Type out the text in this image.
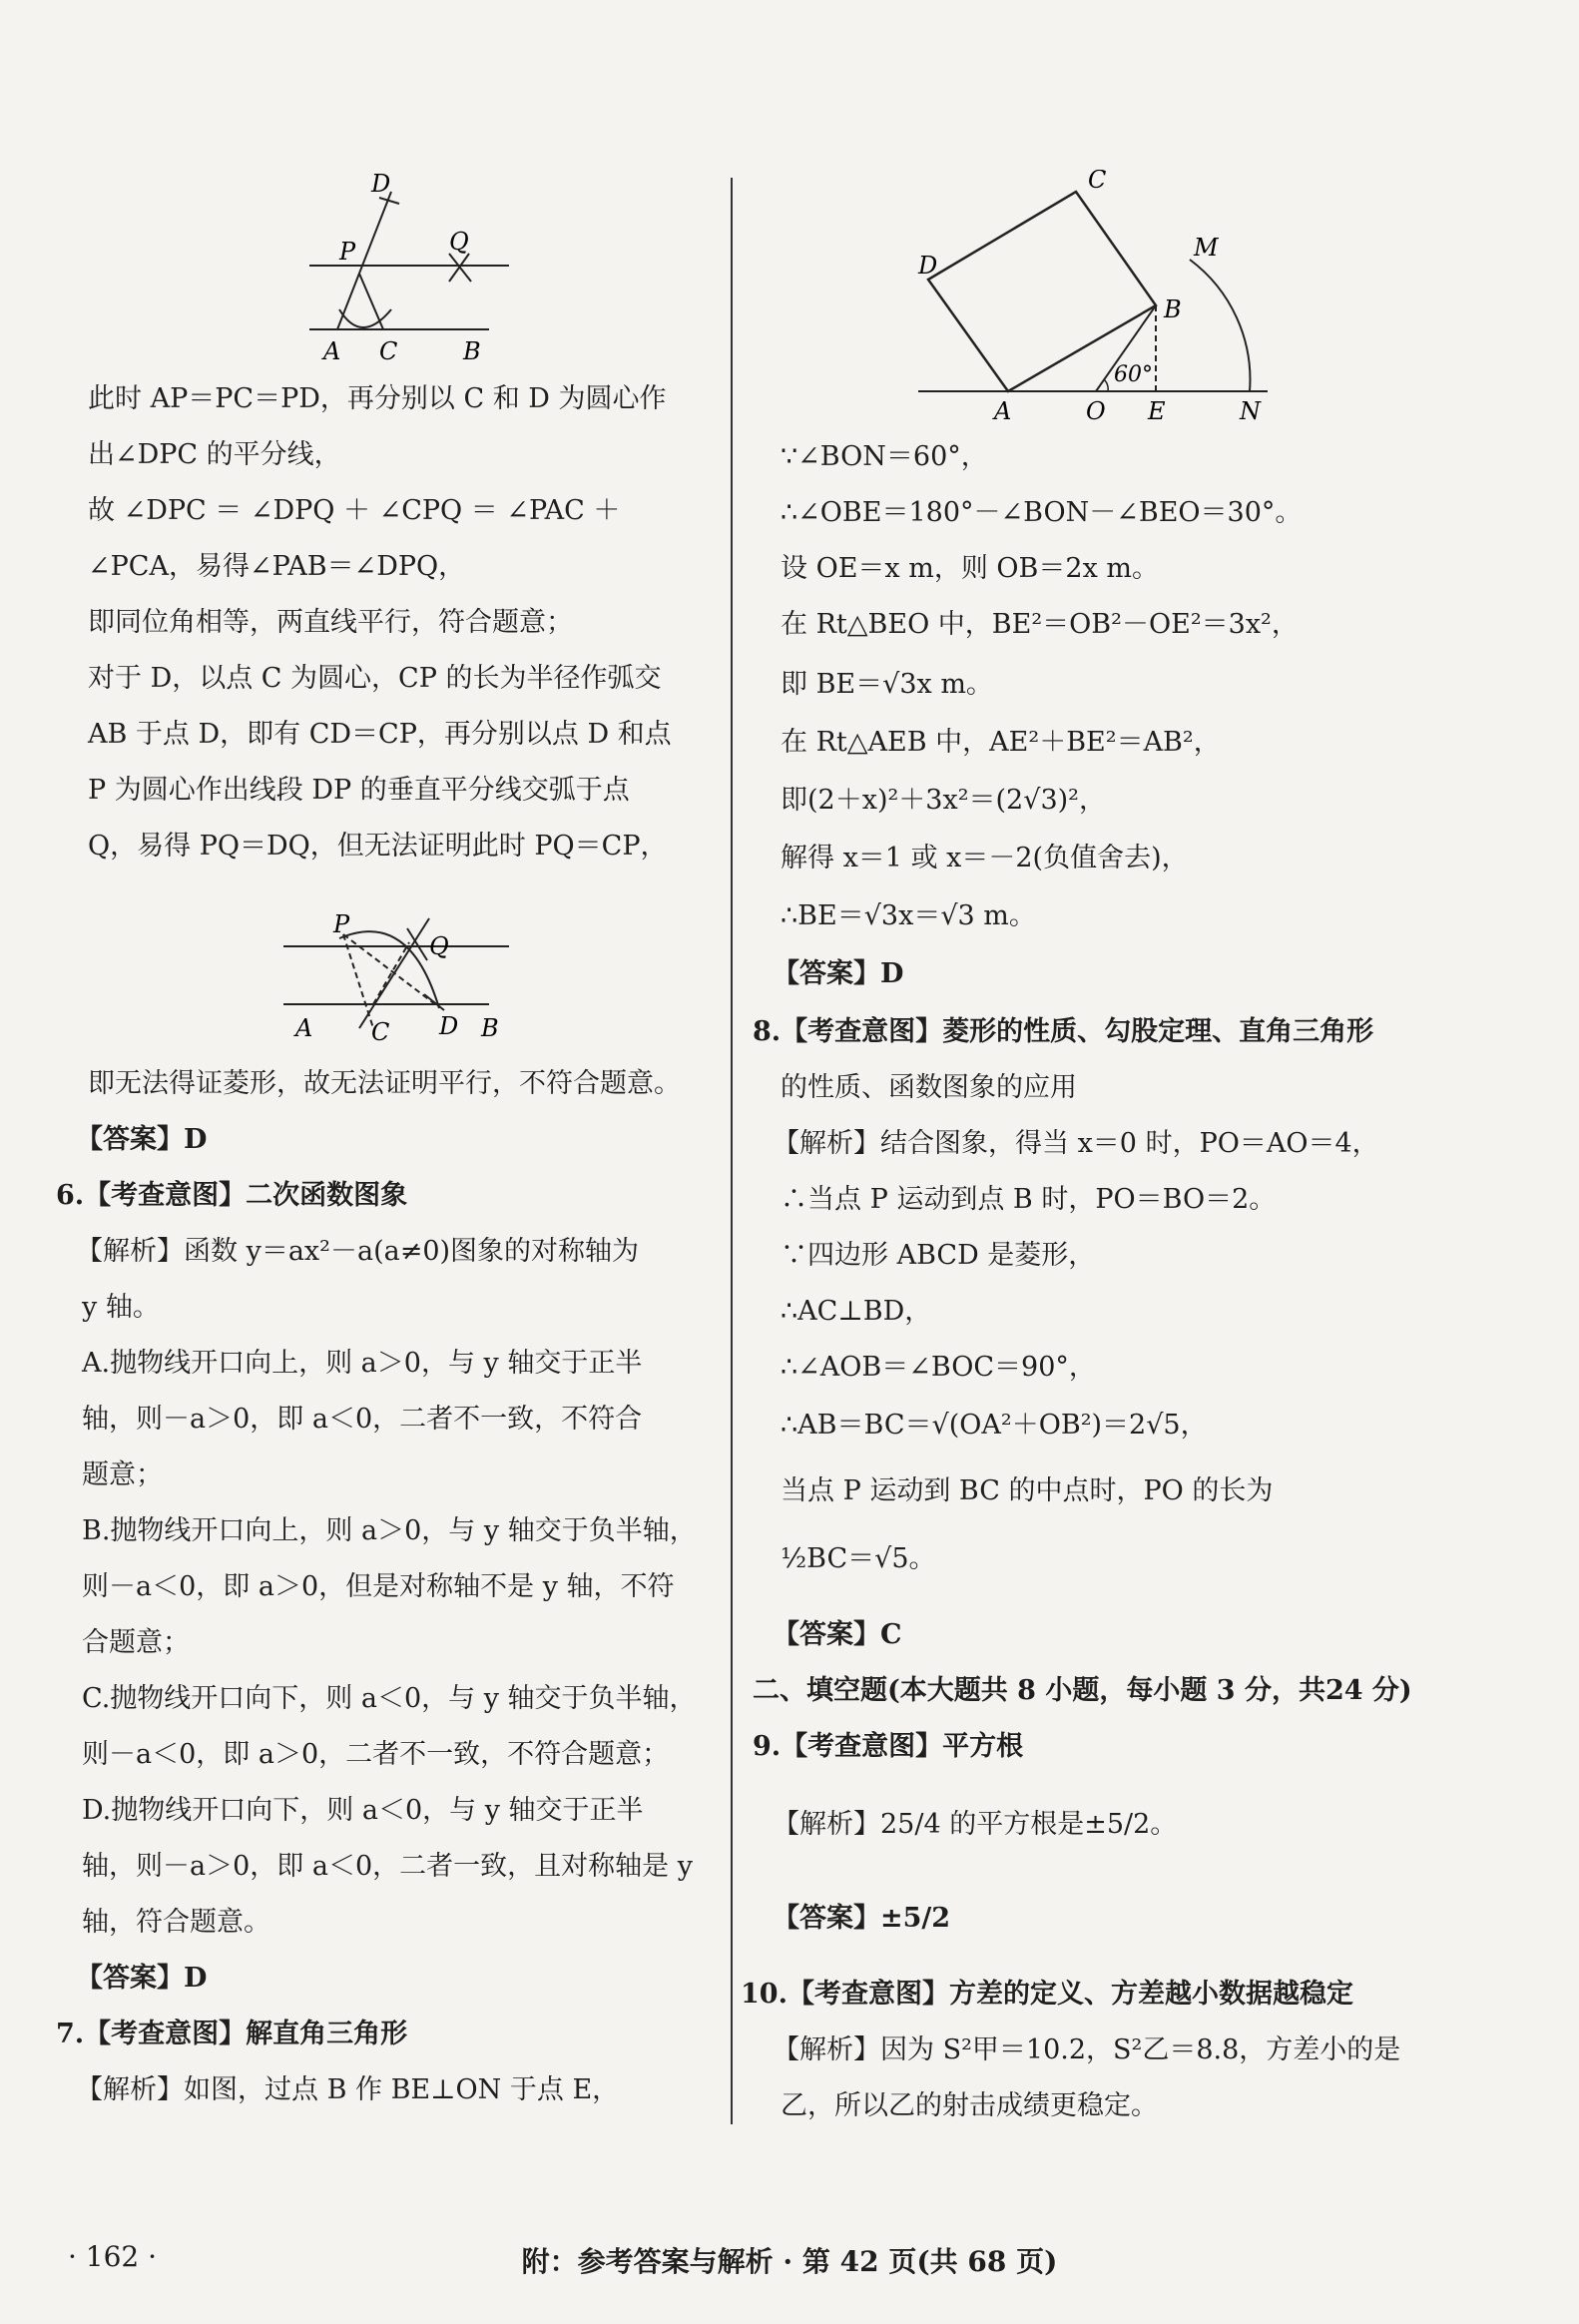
D
P	Q
A C	B
此时 AP＝PC＝PD，再分别以 C 和 D 为圆心作
出∠DPC 的平分线，
故 ∠DPC ＝ ∠DPQ ＋ ∠CPQ ＝ ∠PAC ＋
∠PCA，易得∠PAB＝∠DPQ，
即同位角相等，两直线平行，符合题意；
对于 D，以点 C 为圆心，CP 的长为半径作弧交
AB 于点 D，即有 CD＝CP，再分别以点 D 和点
P 为圆心作出线段 DP 的垂直平分线交弧于点
Q，易得 PQ＝DQ，但无法证明此时 PQ＝CP，
P
Q
A C D B
即无法得证菱形，故无法证明平行，不符合题意。
【答案】D
6.【考查意图】二次函数图象
【解析】函数 y＝ax²－a(a≠0)图象的对称轴为
y 轴。
A.抛物线开口向上，则 a＞0，与 y 轴交于正半
轴，则－a＞0，即 a＜0，二者不一致，不符合
题意；
B.抛物线开口向上，则 a＞0，与 y 轴交于负半轴，
则－a＜0，即 a＞0，但是对称轴不是 y 轴，不符
合题意；
C.抛物线开口向下，则 a＜0，与 y 轴交于负半轴，
则－a＜0，即 a＞0，二者不一致，不符合题意；
D.抛物线开口向下，则 a＜0，与 y 轴交于正半
轴，则－a＞0，即 a＜0，二者一致，且对称轴是 y
轴，符合题意。
【答案】D
7.【考查意图】解直角三角形
【解析】如图，过点 B 作 BE⊥ON 于点 E，
C
D
M
B
60°
A	O E	N
∵∠BON＝60°，
∴∠OBE＝180°－∠BON－∠BEO＝30°。
设 OE＝x m，则 OB＝2x m。
在 Rt△BEO 中，BE²＝OB²－OE²＝3x²，
即 BE＝√3x m。
在 Rt△AEB 中，AE²＋BE²＝AB²，
即(2＋x)²＋3x²＝(2√3)²，
解得 x＝1 或 x＝－2(负值舍去)，
∴BE＝√3x＝√3 m。
【答案】D
8.【考查意图】菱形的性质、勾股定理、直角三角形
的性质、函数图象的应用
【解析】结合图象，得当 x＝0 时，PO＝AO＝4，
∴当点 P 运动到点 B 时，PO＝BO＝2。
∵四边形 ABCD 是菱形，
∴AC⊥BD，
∴∠AOB＝∠BOC＝90°，
∴AB＝BC＝√(OA²＋OB²)＝2√5，
当点 P 运动到 BC 的中点时，PO 的长为
½BC＝√5。
【答案】C
二、填空题(本大题共 8 小题，每小题 3 分，共24 分)
9.【考查意图】平方根
【解析】25/4 的平方根是±5/2。
【答案】±5/2
10.【考查意图】方差的定义、方差越小数据越稳定
【解析】因为 S²甲＝10.2，S²乙＝8.8，方差小的是
乙，所以乙的射击成绩更稳定。
· 162 ·	附：参考答案与解析 · 第 42 页(共 68 页)
